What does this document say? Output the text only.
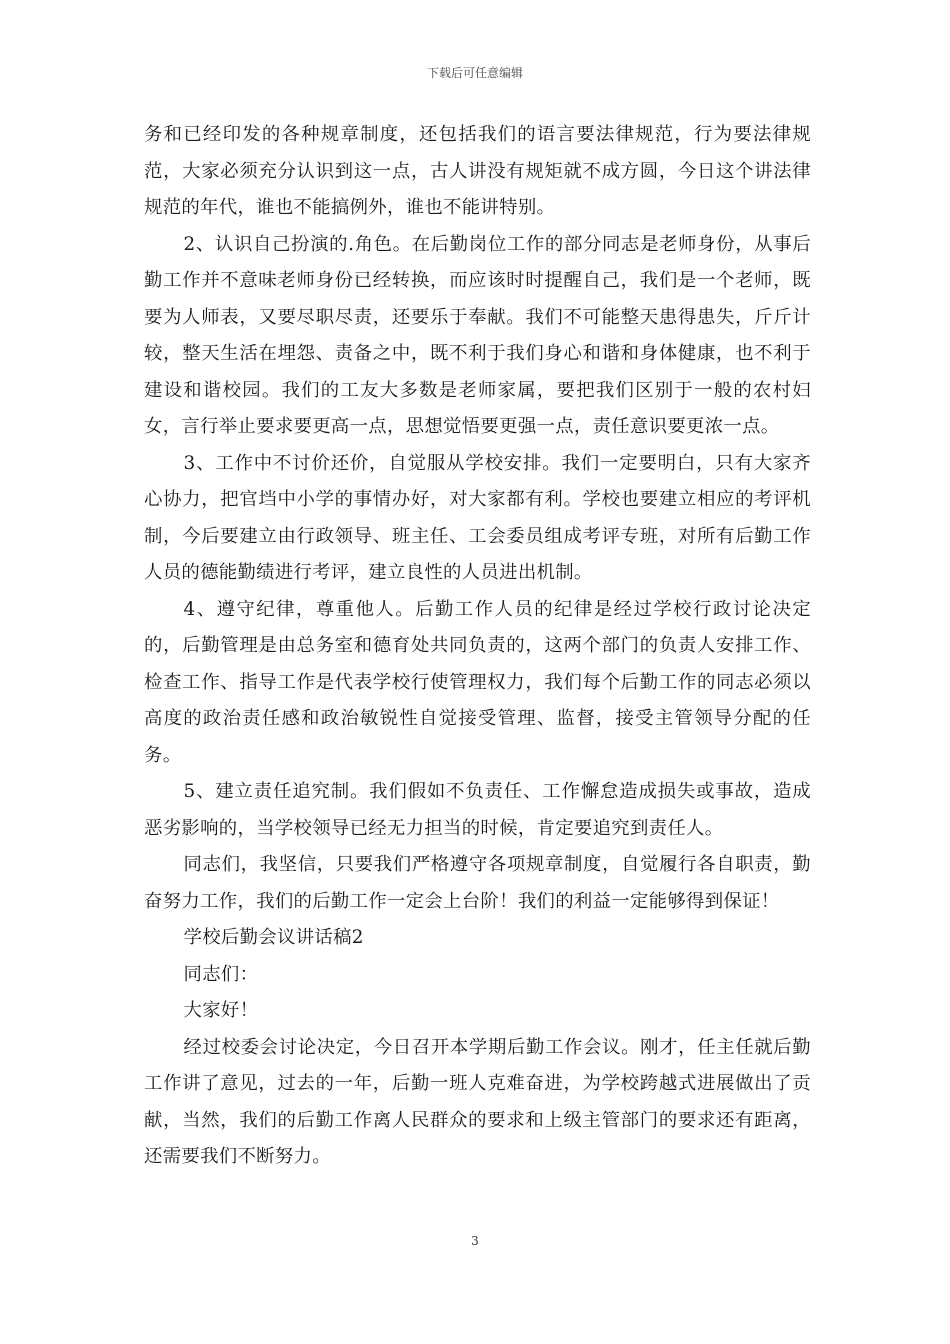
下载后可任意编辑

务和已经印发的各种规章制度，还包括我们的语言要法律规范，行为要法律规范，大家必须充分认识到这一点，古人讲没有规矩就不成方圆，今日这个讲法律规范的年代，谁也不能搞例外，谁也不能讲特别。

2、认识自己扮演的.角色。在后勤岗位工作的部分同志是老师身份，从事后勤工作并不意味老师身份已经转换，而应该时时提醒自己，我们是一个老师，既要为人师表，又要尽职尽责，还要乐于奉献。我们不可能整天患得患失，斤斤计较，整天生活在埋怨、责备之中，既不利于我们身心和谐和身体健康，也不利于建设和谐校园。我们的工友大多数是老师家属，要把我们区别于一般的农村妇女，言行举止要求要更高一点，思想觉悟要更强一点，责任意识要更浓一点。

3、工作中不讨价还价，自觉服从学校安排。我们一定要明白，只有大家齐心协力，把官垱中小学的事情办好，对大家都有利。学校也要建立相应的考评机制，今后要建立由行政领导、班主任、工会委员组成考评专班，对所有后勤工作人员的德能勤绩进行考评，建立良性的人员进出机制。

4、遵守纪律，尊重他人。后勤工作人员的纪律是经过学校行政讨论决定的，后勤管理是由总务室和德育处共同负责的，这两个部门的负责人安排工作、检查工作、指导工作是代表学校行使管理权力，我们每个后勤工作的同志必须以高度的政治责任感和政治敏锐性自觉接受管理、监督，接受主管领导分配的任务。

5、建立责任追究制。我们假如不负责任、工作懈怠造成损失或事故，造成恶劣影响的，当学校领导已经无力担当的时候，肯定要追究到责任人。

同志们，我坚信，只要我们严格遵守各项规章制度，自觉履行各自职责，勤奋努力工作，我们的后勤工作一定会上台阶！我们的利益一定能够得到保证！

学校后勤会议讲话稿2

同志们：

大家好！

经过校委会讨论决定，今日召开本学期后勤工作会议。刚才，任主任就后勤工作讲了意见，过去的一年，后勤一班人克难奋进，为学校跨越式进展做出了贡献，当然，我们的后勤工作离人民群众的要求和上级主管部门的要求还有距离，还需要我们不断努力。

3
